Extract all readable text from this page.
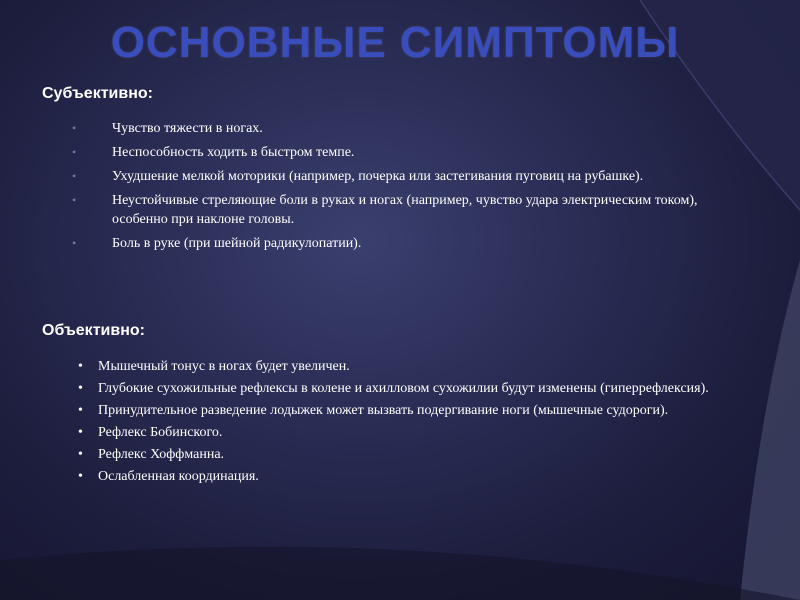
ОСНОВНЫЕ СИМПТОМЫ
Субъективно:
•	Чувство тяжести в ногах.
•	Неспособность ходить в быстром темпе.
•	Ухудшение мелкой моторики (например, почерка или застегивания пуговиц на рубашке).
•	Неустойчивые стреляющие боли в руках и ногах (например, чувство удара электрическим током), особенно при наклоне головы.
•	Боль в руке (при шейной радикулопатии).
Объективно:
• Мышечный тонус в ногах будет увеличен.
• Глубокие сухожильные рефлексы в колене и ахилловом сухожилии будут изменены (гиперрефлексия).
• Принудительное разведение лодыжек может вызвать подергивание ноги (мышечные судороги).
• Рефлекс Бобинского.
• Рефлекс Хоффманна.
• Ослабленная координация.
